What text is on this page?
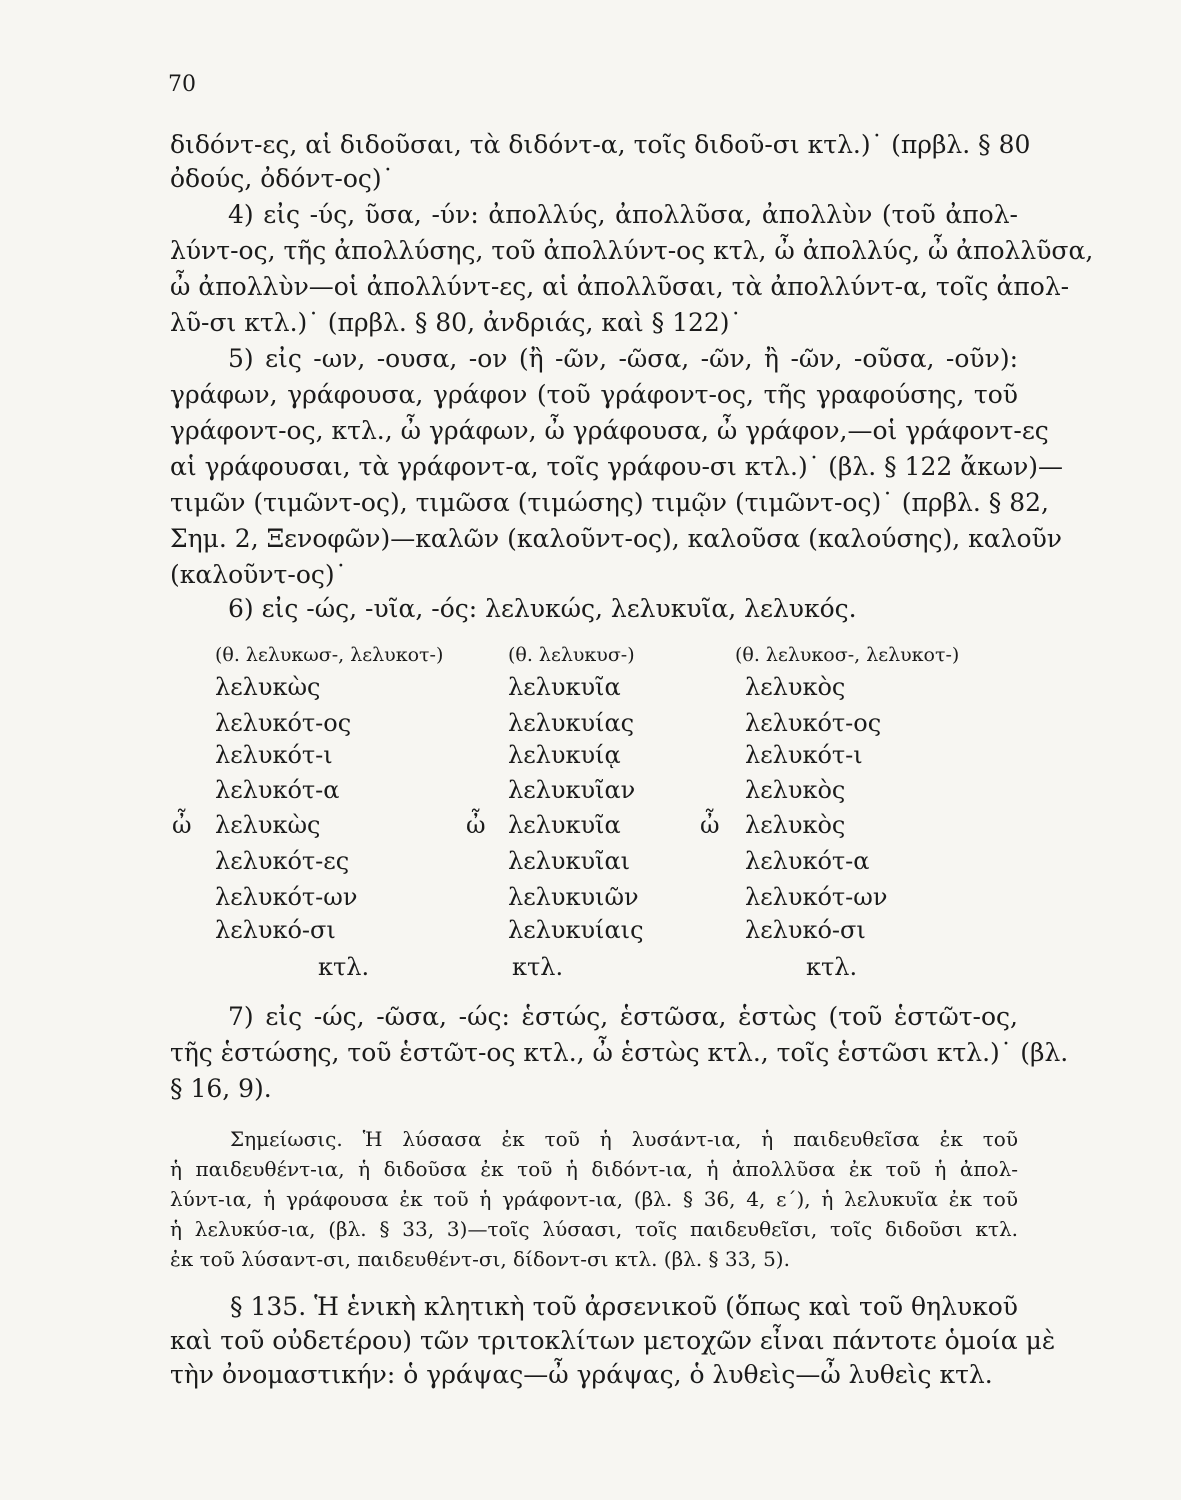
70
διδόντ-ες, αἱ διδοῦσαι, τὰ διδόντ-α, τοῖς διδοῦ-σι κτλ.)˙ (πρβλ. § 80
ὀδούς, ὀδόντ-ος)˙
4) εἰς -ύς, ῦσα, -ύν: ἀπολλύς, ἀπολλῦσα, ἀπολλὺν (τοῦ ἀπολ-
λύντ-ος, τῆς ἀπολλύσης, τοῦ ἀπολλύντ-ος κτλ, ὦ ἀπολλύς, ὦ ἀπολλῦσα,
ὦ ἀπολλὺν—οἱ ἀπολλύντ-ες, αἱ ἀπολλῦσαι, τὰ ἀπολλύντ-α, τοῖς ἀπολ-
λῦ-σι κτλ.)˙ (πρβλ. § 80, ἀνδριάς, καὶ § 122)˙
5) εἰς -ων, -ουσα, -ον (ἢ -ῶν, -ῶσα, -ῶν, ἢ -ῶν, -οῦσα, -οῦν):
γράφων, γράφουσα, γράφον (τοῦ γράφοντ-ος, τῆς γραφούσης, τοῦ
γράφοντ-ος, κτλ., ὦ γράφων, ὦ γράφουσα, ὦ γράφον,—οἱ γράφοντ-ες
αἱ γράφουσαι, τὰ γράφοντ-α, τοῖς γράφου-σι κτλ.)˙ (βλ. § 122 ἄκων)—
τιμῶν (τιμῶντ-ος), τιμῶσα (τιμώσης) τιμῷν (τιμῶντ-ος)˙ (πρβλ. § 82,
Σημ. 2, Ξενοφῶν)—καλῶν (καλοῦντ-ος), καλοῦσα (καλούσης), καλοῦν
(καλοῦντ-ος)˙
6) εἰς -ώς, -υῖα, -ός: λελυκώς, λελυκυῖα, λελυκός.
(θ. λελυκωσ-, λελυκοτ-)	(θ. λελυκυσ-)	(θ. λελυκοσ-, λελυκοτ-)
λελυκὼς
λελυκότ-ος
λελυκότ-ι
λελυκότ-α
ὦ λελυκὼς
λελυκότ-ες
λελυκότ-ων
λελυκό-σι
κτλ.
λελυκυῖα
λελυκυίας
λελυκυίᾳ
λελυκυῖαν
ὦ λελυκυῖα
λελυκυῖαι
λελυκυιῶν
λελυκυίαις
κτλ.
λελυκὸς
λελυκότ-ος
λελυκότ-ι
λελυκὸς
ὦ λελυκὸς
λελυκότ-α
λελυκότ-ων
λελυκό-σι
κτλ.
7) εἰς -ώς, -ῶσα, -ώς: ἑστώς, ἑστῶσα, ἑστὼς (τοῦ ἑστῶτ-ος,
τῆς ἑστώσης, τοῦ ἑστῶτ-ος κτλ., ὦ ἑστὼς κτλ., τοῖς ἑστῶσι κτλ.)˙ (βλ.
§ 16, 9).
Σημείωσις. Ἡ λύσασα ἐκ τοῦ ἡ λυσάντ-ια, ἡ παιδευθεῖσα ἐκ τοῦ
ἡ παιδευθέντ-ια, ἡ διδοῦσα ἐκ τοῦ ἡ διδόντ-ια, ἡ ἀπολλῦσα ἐκ τοῦ ἡ ἀπολ-
λύντ-ια, ἡ γράφουσα ἐκ τοῦ ἡ γράφοντ-ια, (βλ. § 36, 4, ε΄), ἡ λελυκυῖα ἐκ τοῦ
ἡ λελυκύσ-ια, (βλ. § 33, 3)—τοῖς λύσασι, τοῖς παιδευθεῖσι, τοῖς διδοῦσι κτλ.
ἐκ τοῦ λύσαντ-σι, παιδευθέντ-σι, δίδοντ-σι κτλ. (βλ. § 33, 5).
§ 135. Ἡ ἑνικὴ κλητικὴ τοῦ ἀρσενικοῦ (ὅπως καὶ τοῦ θηλυκοῦ
καὶ τοῦ οὐδετέρου) τῶν τριτοκλίτων μετοχῶν εἶναι πάντοτε ὁμοία μὲ
τὴν ὀνομαστικήν: ὁ γράψας—ὦ γράψας, ὁ λυθεὶς—ὦ λυθεὶς κτλ.
